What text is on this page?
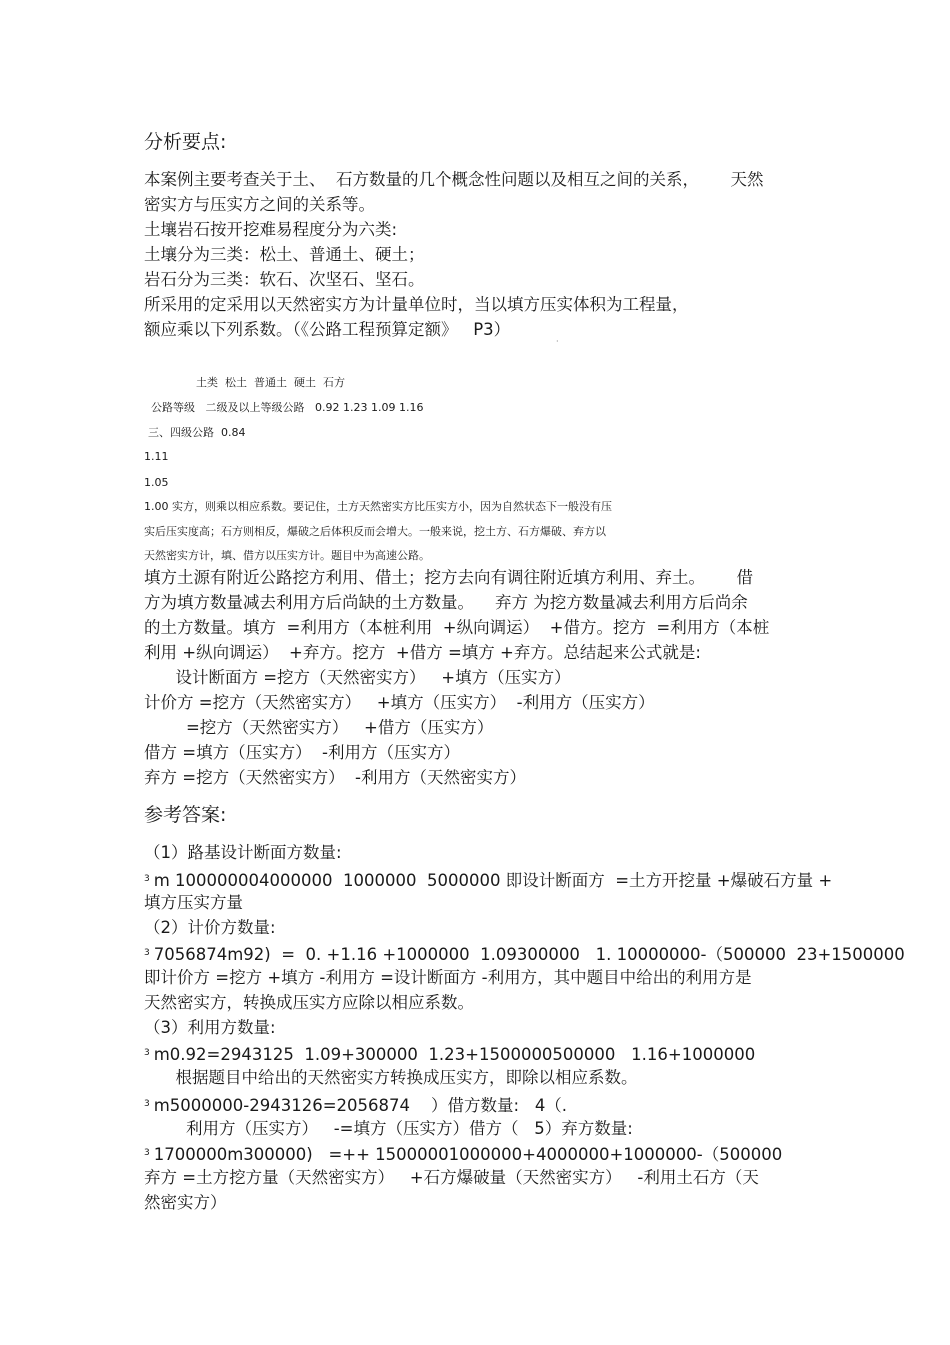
分析要点:
本案例主要考查关于土、  石方数量的几个概念性问题以及相互之间的关系，      天然
密实方与压实方之间的关系等。
土壤岩石按开挖难易程度分为六类:
土壤分为三类：松土、普通土、硬土；
岩石分为三类：软石、次坚石、坚石。
所采用的定采用以天然密实方为计量单位时，当以填方压实体积为工程量，
额应乘以下列系数。（《公路工程预算定额》   P3）
·
土类  松土  普通土  硬土  石方
公路等级   二级及以上等级公路   0.92 1.23 1.09 1.16
三、四级公路  0.84
1.11
1.05
1.00 实方，则乘以相应系数。要记住，土方天然密实方比压实方小，因为自然状态下一般没有压
实后压实度高；石方则相反，爆破之后体积反而会增大。一般来说，挖土方、石方爆破、弃方以
天然密实方计，填、借方以压实方计。题目中为高速公路。
填方土源有附近公路挖方利用、借土；挖方去向有调往附近填方利用、弃土。      借
方为填方数量减去利用方后尚缺的土方数量。    弃方 为挖方数量减去利用方后尚余
的土方数量。填方  =利用方（本桩利用  +纵向调运）  +借方。挖方  =利用方（本桩
利用 +纵向调运）  +弃方。挖方  +借方 =填方 +弃方。总结起来公式就是:
设计断面方 =挖方（天然密实方）   +填方（压实方）
计价方 =挖方（天然密实方）   +填方（压实方）  -利用方（压实方）
=挖方（天然密实方）   +借方（压实方）
借方 =填方（压实方）  -利用方（压实方）
弃方 =挖方（天然密实方）  -利用方（天然密实方）
参考答案:
（1）路基设计断面方数量:
$^3$ m 100000004000000  1000000  5000000 即设计断面方  =土方开挖量 +爆破石方量 +
填方压实方量
（2）计价方数量:
$^3$ 7056874m92)  =  0. +1.16 +1000000  1.09300000   1. 10000000-（500000  23+1500000
即计价方 =挖方 +填方 -利用方 =设计断面方 -利用方，其中题目中给出的利用方是
天然密实方，转换成压实方应除以相应系数。
（3）利用方数量:
$^3$ m0.92=2943125  1.09+300000  1.23+1500000500000   1.16+1000000
根据题目中给出的天然密实方转换成压实方，即除以相应系数。
$^3$ m5000000-2943126=2056874    ）借方数量:   4（.
利用方（压实方）   -=填方（压实方）借方（   5）弃方数量:
$^3$ 1700000m300000)   =++ 15000001000000+4000000+1000000-（500000
弃方 =土方挖方量（天然密实方）   +石方爆破量（天然密实方）   -利用土石方（天
然密实方）
